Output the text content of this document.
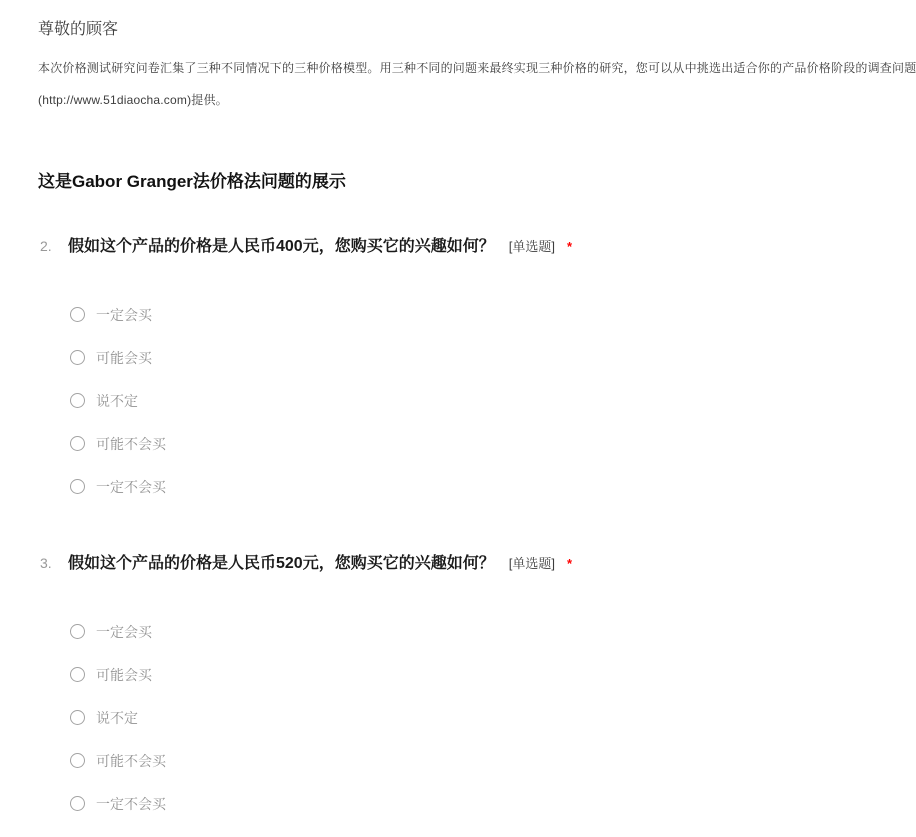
尊敬的顾客
本次价格测试研究问卷汇集了三种不同情况下的三种价格模型。用三种不同的问题来最终实现三种价格的研究，您可以从中挑选出适合你的产品价格阶段的调查问题
(http://www.51diaocha.com)提供。
这是Gabor Granger法价格法问题的展示
2.	假如这个产品的价格是人民币400元，您购买它的兴趣如何？ [单选题] *
一定会买
可能会买
说不定
可能不会买
一定不会买
3.	假如这个产品的价格是人民币520元，您购买它的兴趣如何？ [单选题] *
一定会买
可能会买
说不定
可能不会买
一定不会买
